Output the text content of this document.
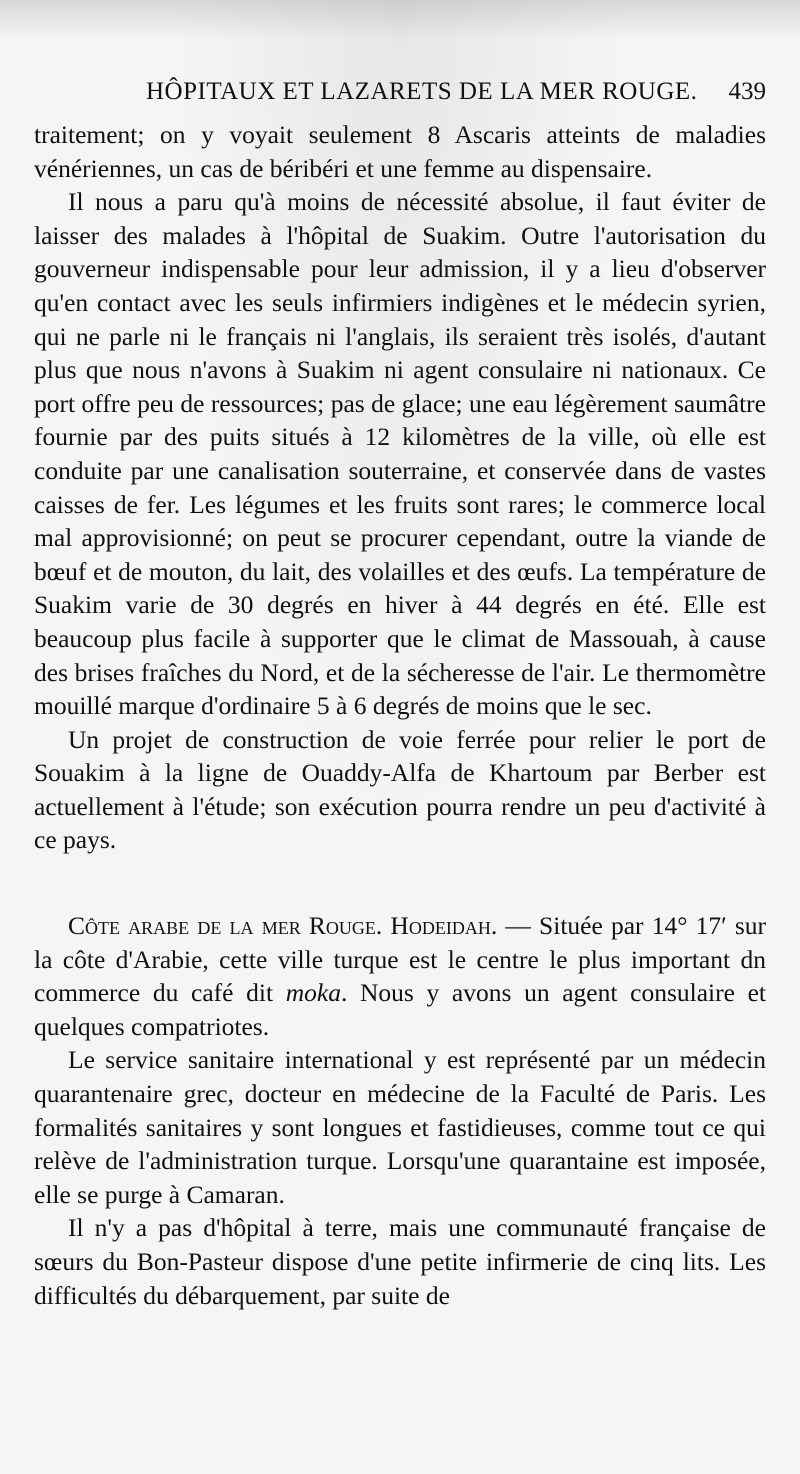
HÔPITAUX ET LAZARETS DE LA MER ROUGE. 439

traitement; on y voyait seulement 8 Ascaris atteints de maladies vénériennes, un cas de béribéri et une femme au dispensaire.

Il nous a paru qu'à moins de nécessité absolue, il faut éviter de laisser des malades à l'hôpital de Suakim. Outre l'autorisation du gouverneur indispensable pour leur admission, il y a lieu d'observer qu'en contact avec les seuls infirmiers indigènes et le médecin syrien, qui ne parle ni le français ni l'anglais, ils seraient très isolés, d'autant plus que nous n'avons à Suakim ni agent consulaire ni nationaux. Ce port offre peu de ressources; pas de glace; une eau légèrement saumâtre fournie par des puits situés à 12 kilomètres de la ville, où elle est conduite par une canalisation souterraine, et conservée dans de vastes caisses de fer. Les légumes et les fruits sont rares; le commerce local mal approvisionné; on peut se procurer cependant, outre la viande de bœuf et de mouton, du lait, des volailles et des œufs. La température de Suakim varie de 30 degrés en hiver à 44 degrés en été. Elle est beaucoup plus facile à supporter que le climat de Massouah, à cause des brises fraîches du Nord, et de la sécheresse de l'air. Le thermomètre mouillé marque d'ordinaire 5 à 6 degrés de moins que le sec.

Un projet de construction de voie ferrée pour relier le port de Souakim à la ligne de Ouaddy-Alfa de Khartoum par Berber est actuellement à l'étude; son exécution pourra rendre un peu d'activité à ce pays.

Côte arabe de la mer Rouge. Hodeidah. — Située par 14° 17′ sur la côte d'Arabie, cette ville turque est le centre le plus important dn commerce du café dit moka. Nous y avons un agent consulaire et quelques compatriotes.

Le service sanitaire international y est représenté par un médecin quarantenaire grec, docteur en médecine de la Faculté de Paris. Les formalités sanitaires y sont longues et fastidieuses, comme tout ce qui relève de l'administration turque. Lorsqu'une quarantaine est imposée, elle se purge à Camaran.

Il n'y a pas d'hôpital à terre, mais une communauté française de sœurs du Bon-Pasteur dispose d'une petite infirmerie de cinq lits. Les difficultés du débarquement, par suite de
